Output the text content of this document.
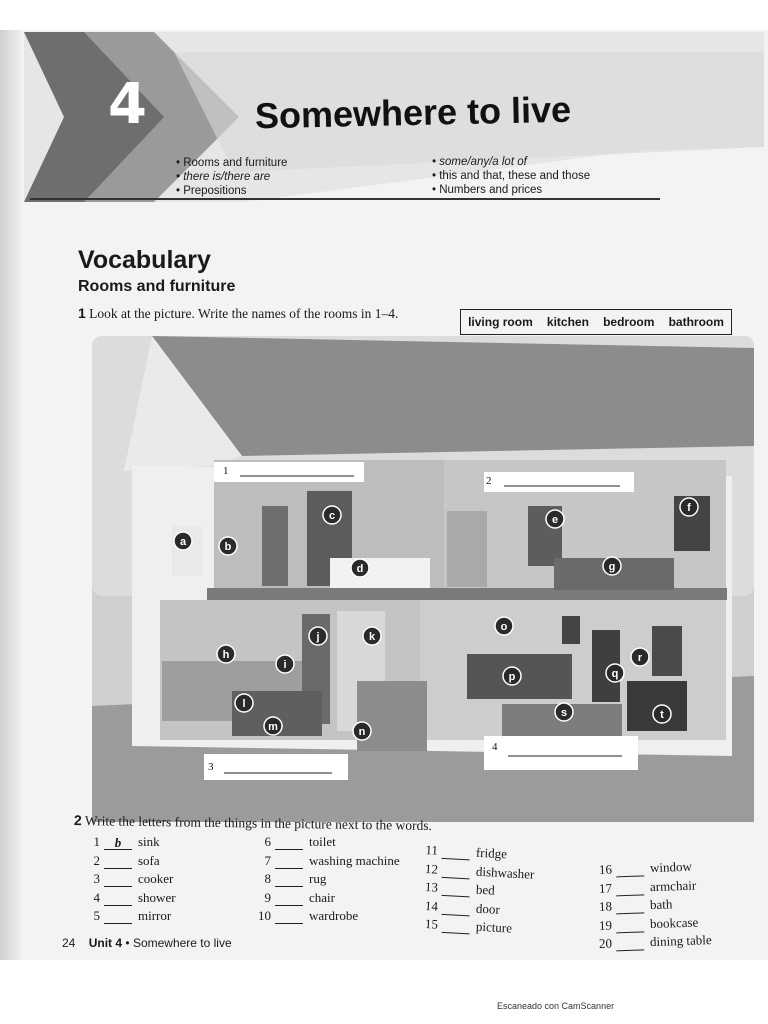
4	Somewhere to live
• Rooms and furniture
• there is/there are
• Prepositions
• some/any/a lot of
• this and that, these and those
• Numbers and prices
Vocabulary
Rooms and furniture
1 Look at the picture. Write the names of the rooms in 1–4.
living room kitchen bedroom bathroom
1
2
3
4
a	b
c
d
e
f
g
h
i
j	k
l
m	n
o
p	q
r
s	t
2 Write the letters from the things in the picture next to the words.
1 b sink
2	sofa
3	cooker
4	shower
5	mirror
6	toilet
7	washing machine
8	rug
9	chair
10	wardrobe
11	fridge
12	dishwasher
13	bed
14	door
15	picture
16	window
17	armchair
18	bath
19	bookcase
20	dining table
24 Unit 4 • Somewhere to live
Escaneado con CamScanner
